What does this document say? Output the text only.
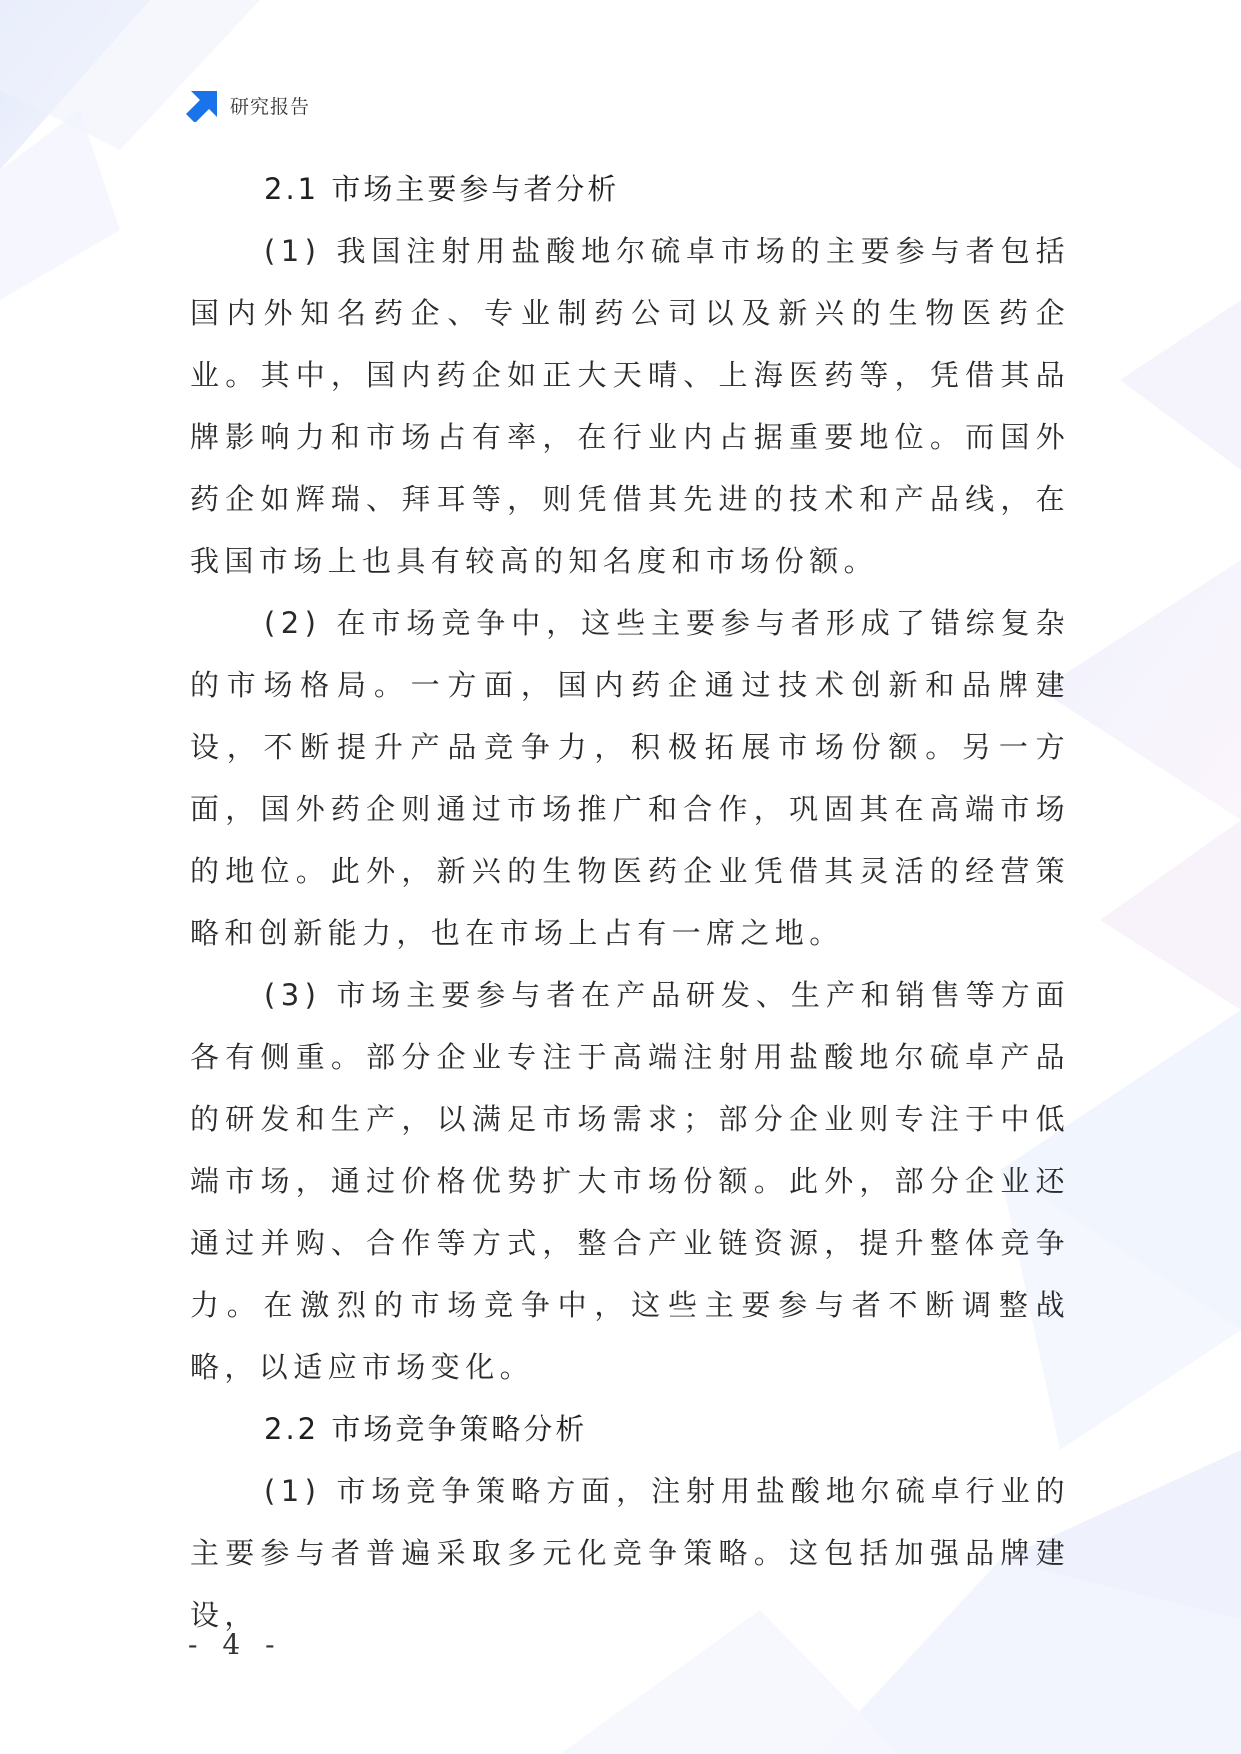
研究报告
2.1 市场主要参与者分析

(1) 我国注射用盐酸地尔硫卓市场的主要参与者包括国内外知名药企、专业制药公司以及新兴的生物医药企业。其中，国内药企如正大天晴、上海医药等，凭借其品牌影响力和市场占有率，在行业内占据重要地位。而国外药企如辉瑞、拜耳等，则凭借其先进的技术和产品线，在我国市场上也具有较高的知名度和市场份额。

(2) 在市场竞争中，这些主要参与者形成了错综复杂的市场格局。一方面，国内药企通过技术创新和品牌建设，不断提升产品竞争力，积极拓展市场份额。另一方面，国外药企则通过市场推广和合作，巩固其在高端市场的地位。此外，新兴的生物医药企业凭借其灵活的经营策略和创新能力，也在市场上占有一席之地。

(3) 市场主要参与者在产品研发、生产和销售等方面各有侧重。部分企业专注于高端注射用盐酸地尔硫卓产品的研发和生产，以满足市场需求；部分企业则专注于中低端市场，通过价格优势扩大市场份额。此外，部分企业还通过并购、合作等方式，整合产业链资源，提升整体竞争力。在激烈的市场竞争中，这些主要参与者不断调整战略，以适应市场变化。

2.2 市场竞争策略分析

(1) 市场竞争策略方面，注射用盐酸地尔硫卓行业的主要参与者普遍采取多元化竞争策略。这包括加强品牌建设，

- 4 -
